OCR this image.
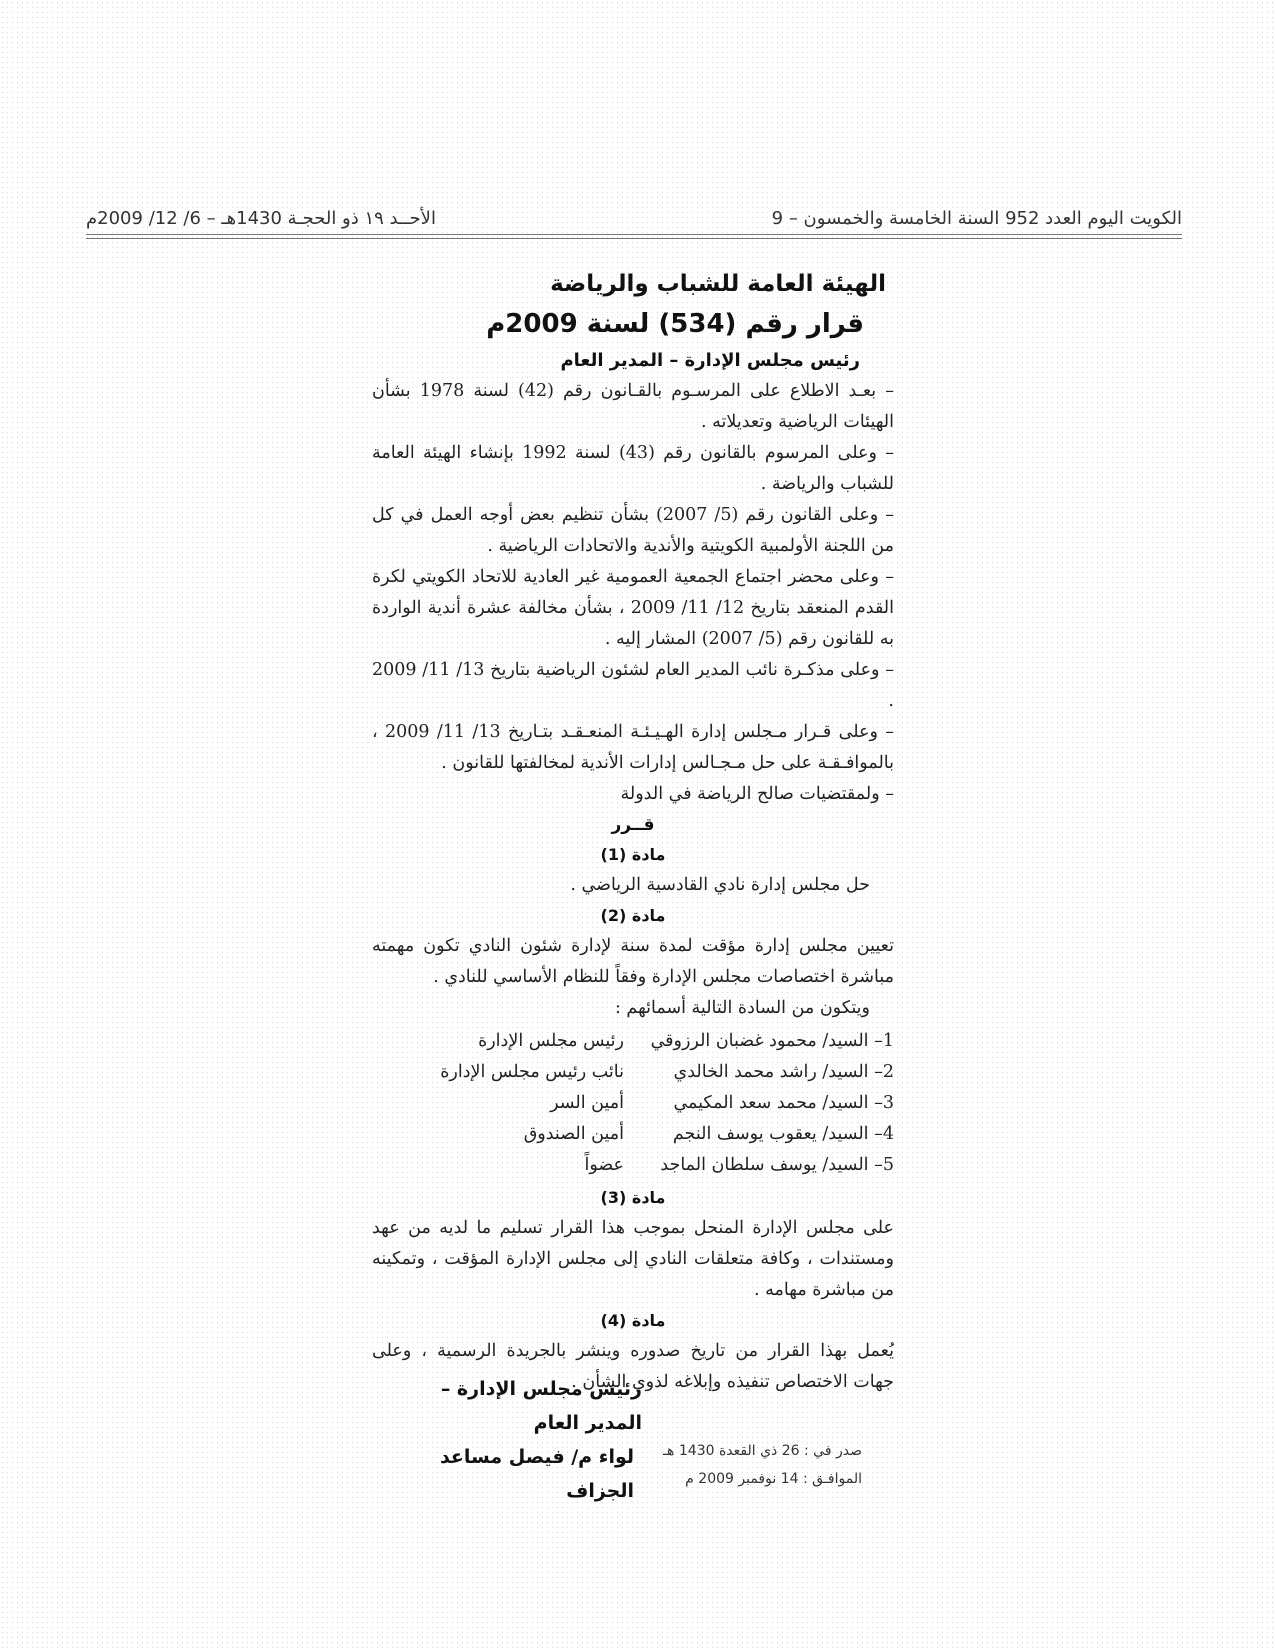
الكويت اليوم العدد 952 السنة الخامسة والخمسون – 9
الأحــد ١٩ ذو الحجـة 1430هـ – 6/ 12/ 2009م
الهيئة العامة للشباب والرياضة
قرار رقم (534) لسنة 2009م
رئيس مجلس الإدارة – المدير العام
– بعـد الاطلاع على المرسـوم بالقـانون رقم (42) لسنة 1978 بشأن الهيئات الرياضية وتعديلاته .
– وعلى المرسوم بالقانون رقم (43) لسنة 1992 بإنشاء الهيئة العامة للشباب والرياضة .
– وعلى القانون رقم (5/ 2007) بشأن تنظيم بعض أوجه العمل في كل من اللجنة الأولمبية الكويتية والأندية والاتحادات الرياضية .
– وعلى محضر اجتماع الجمعية العمومية غير العادية للاتحاد الكويتي لكرة القدم المنعقد بتاريخ 12/ 11/ 2009 ، بشأن مخالفة عشرة أندية الواردة به للقانون رقم (5/ 2007) المشار إليه .
– وعلى مذكـرة نائب المدير العام لشئون الرياضية بتاريخ 13/ 11/ 2009 .
– وعلى قـرار مـجلس إدارة الهـيـئـة المنعـقـد بتـاريخ 13/ 11/ 2009 ، بالموافـقـة على حل مـجـالس إدارات الأندية لمخالفتها للقانون .
– ولمقتضيات صالح الرياضة في الدولة
قــرر
مادة (1)
حل مجلس إدارة نادي القادسية الرياضي .
مادة (2)
تعيين مجلس إدارة مؤقت لمدة سنة لإدارة شئون النادي تكون مهمته مباشرة اختصاصات مجلس الإدارة وفقاً للنظام الأساسي للنادي .
ويتكون من السادة التالية أسمائهم :
1– السيد/ محمود غضبان الرزوقي
رئيس مجلس الإدارة
2– السيد/ راشد محمد الخالدي
نائب رئيس مجلس الإدارة
3– السيد/ محمد سعد المكيمي
أمين السر
4– السيد/ يعقوب يوسف النجم
أمين الصندوق
5– السيد/ يوسف سلطان الماجد
عضواً
مادة (3)
على مجلس الإدارة المنحل بموجب هذا القرار تسليم ما لديه من عهد ومستندات ، وكافة متعلقات النادي إلى مجلس الإدارة المؤقت ، وتمكينه من مباشرة مهامه .
مادة (4)
يُعمل بهذا القرار من تاريخ صدوره وينشر بالجريدة الرسمية ، وعلى جهات الاختصاص تنفيذه وإبلاغه لذوي الشأن .
رئيس مجلس الإدارة – المدير العام
لواء م/ فيصل مساعد الجزاف
صدر في : 26 ذي القعدة 1430 هـ
الموافـق : 14 نوفمبر 2009 م
